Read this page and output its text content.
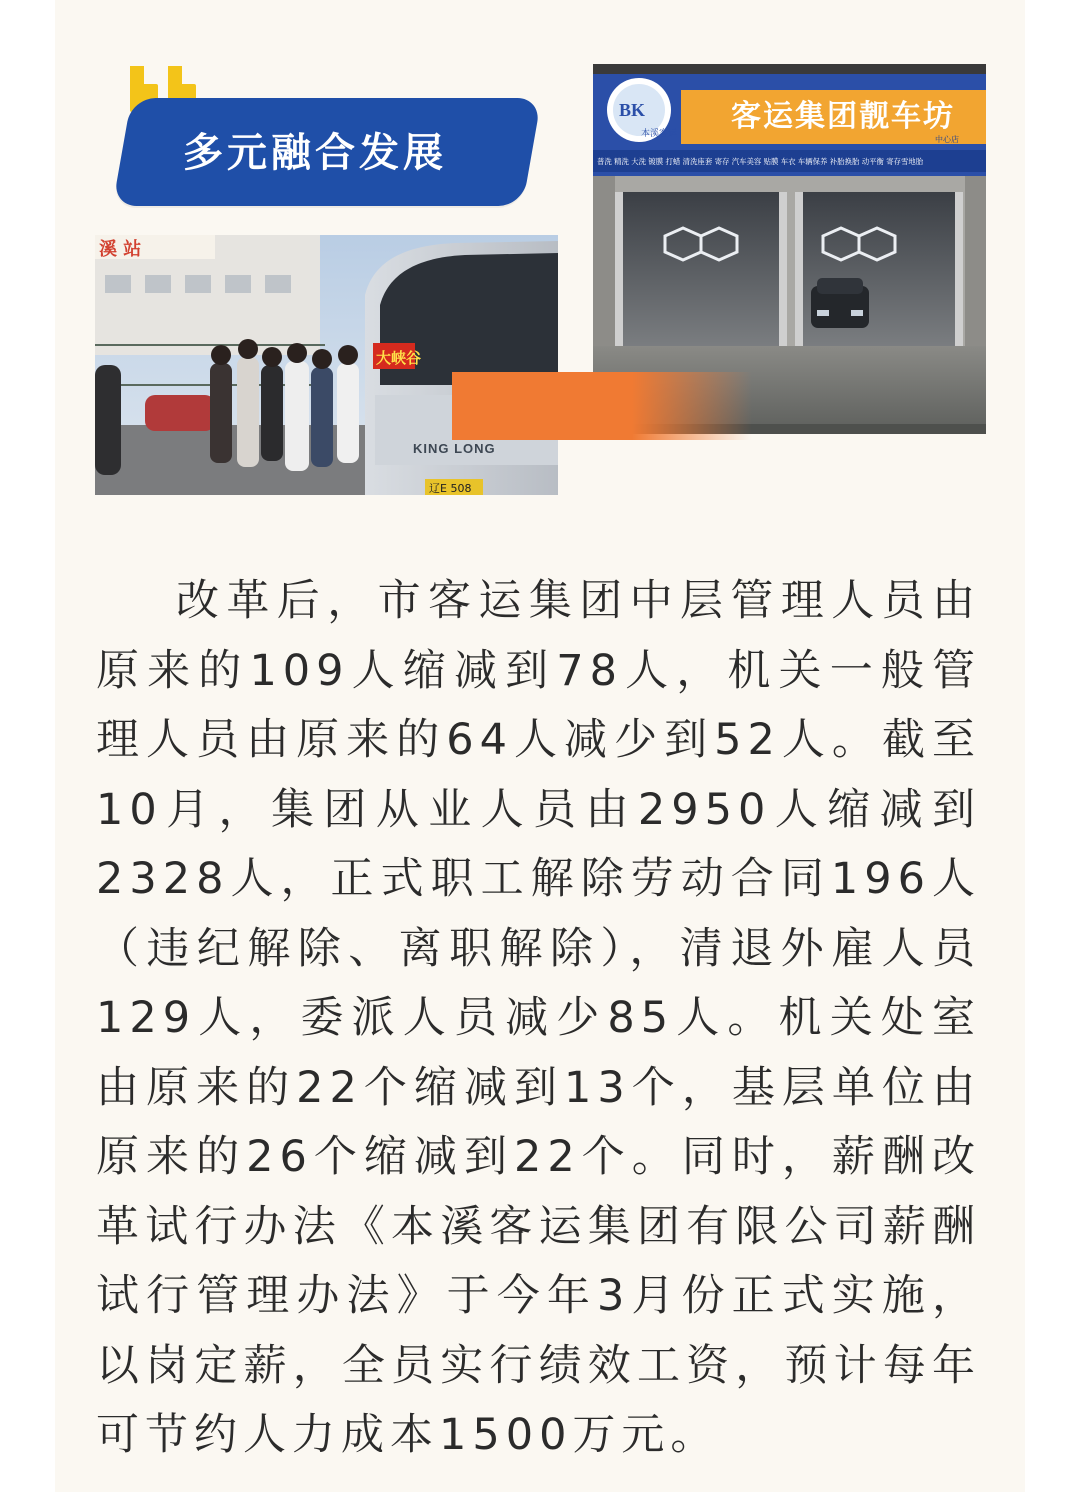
多元融合发展
BK
本溪客运 客运集团靓车坊
中心店
普洗 精洗 大洗 镀膜 打蜡 清洗座套 寄存 汽车美容 贴膜 车衣 车辆保养 补胎换胎 动平衡 寄存雪地胎
溪 站
大峡谷
KING LONG
辽E 508

改革后，市客运集团中层管理人员由原来的109人缩减到78人，机关一般管理人员由原来的64人减少到52人。截至10月，集团从业人员由2950人缩减到2328人，正式职工解除劳动合同196人（违纪解除、离职解除），清退外雇人员129人，委派人员减少85人。机关处室由原来的22个缩减到13个，基层单位由原来的26个缩减到22个。同时，薪酬改革试行办法《本溪客运集团有限公司薪酬试行管理办法》于今年3月份正式实施，以岗定薪，全员实行绩效工资，预计每年可节约人力成本1500万元。
